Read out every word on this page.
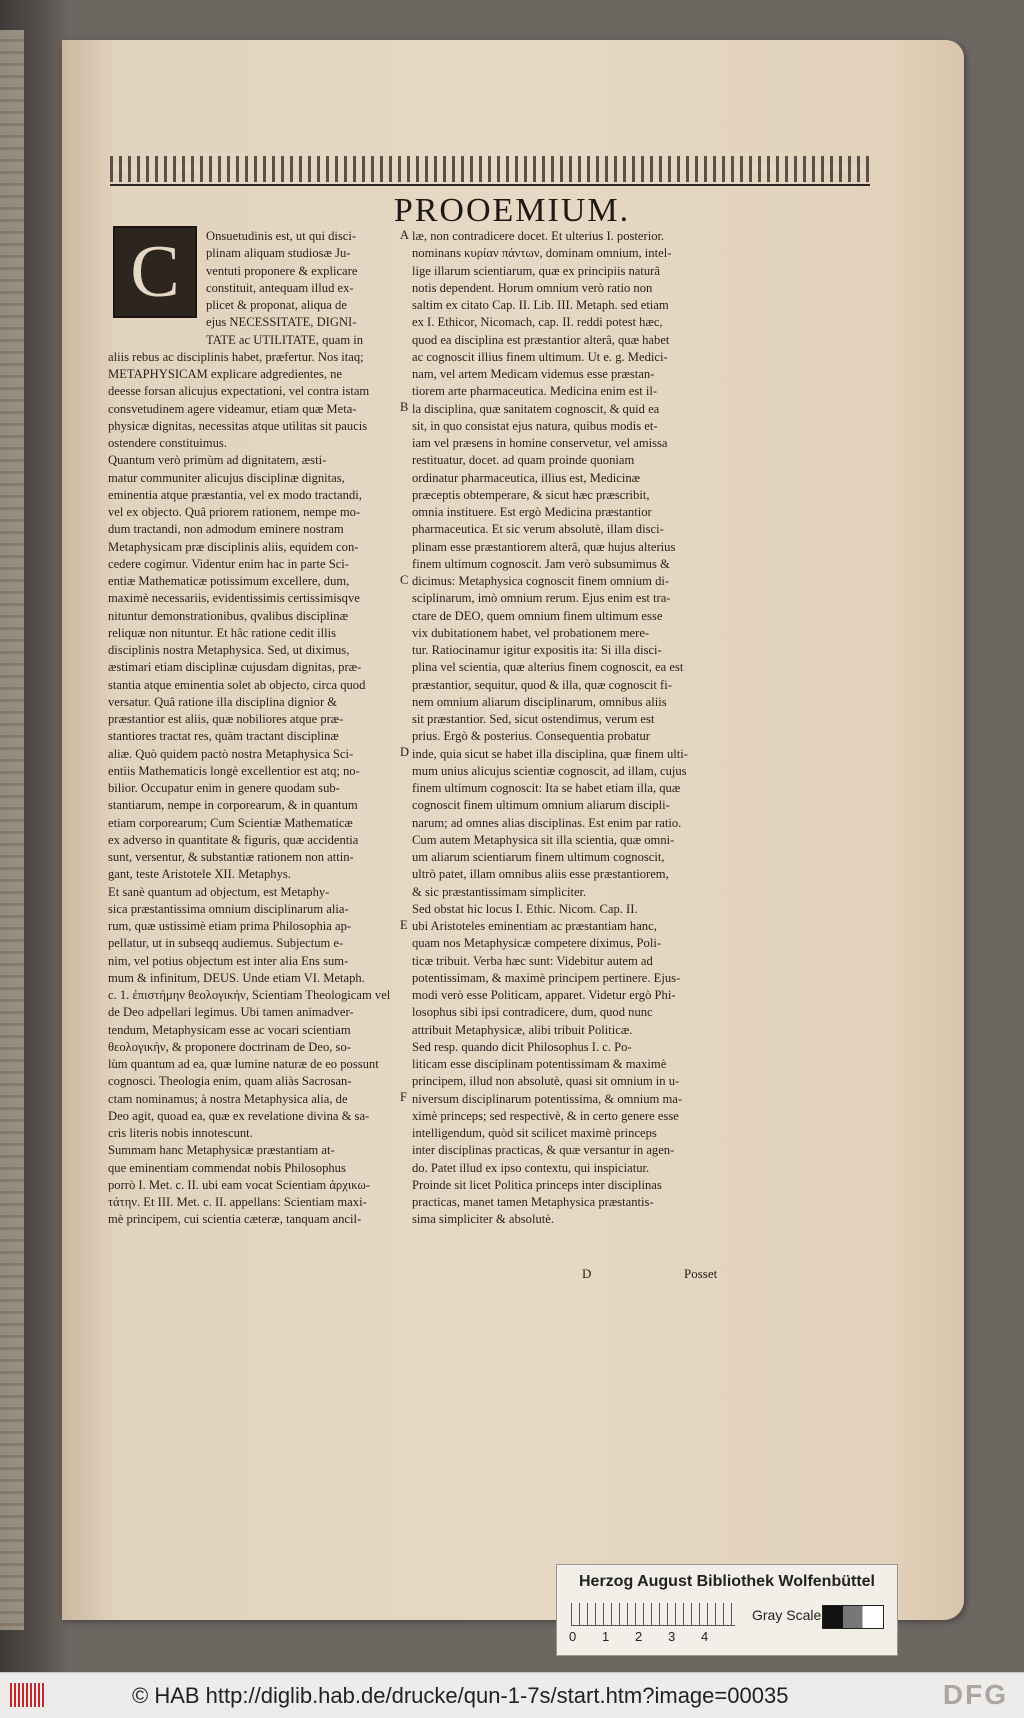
PROOEMIUM.
C	Onsuetudinis est, ut qui disci-
plinam aliquam studiosæ Ju-
ventuti proponere & explicare
constituit, antequam illud ex-
plicet & proponat, aliqua de
ejus NECESSITATE, DIGNI-
TATE ac UTILITATE, quam in
aliis rebus ac disciplinis habet, præfertur. Nos itaq;
METAPHYSICAM explicare adgredientes, ne
deesse forsan alicujus expectationi, vel contra istam
consvetudinem agere videamur, etiam quæ Meta-
physicæ dignitas, necessitas atque utilitas sit paucis
ostendere constituimus.
Quantum verò primùm ad dignitatem, æsti-
matur communiter alicujus disciplinæ dignitas,
eminentia atque præstantia, vel ex modo tractandi,
vel ex objecto. Quâ priorem rationem, nempe mo-
dum tractandi, non admodum eminere nostram
Metaphysicam præ disciplinis aliis, equidem con-
cedere cogimur. Videntur enim hac in parte Sci-
entiæ Mathematicæ potissimum excellere, dum,
maximè necessariis, evidentissimis certissimisqve
nituntur demonstrationibus, qvalibus disciplinæ
reliquæ non nituntur. Et hâc ratione cedit illis
disciplinis nostra Metaphysica. Sed, ut diximus,
æstimari etiam disciplinæ cujusdam dignitas, præ-
stantia atque eminentia solet ab objecto, circa quod
versatur. Quâ ratione illa disciplina dignior &
præstantior est aliis, quæ nobiliores atque præ-
stantiores tractat res, quàm tractant disciplinæ
aliæ. Quò quidem pactò nostra Metaphysica Sci-
entiis Mathematicis longè excellentior est atq; no-
bilior. Occupatur enim in genere quodam sub-
stantiarum, nempe in corporearum, & in quantum
etiam corporearum; Cum Scientiæ Mathematicæ
ex adverso in quantitate & figuris, quæ accidentia
sunt, versentur, & substantiæ rationem non attin-
gant, teste Aristotele XII. Metaphys.
Et sanè quantum ad objectum, est Metaphy-
sica præstantissima omnium disciplinarum alia-
rum, quæ ustissimè etiam prima Philosophia ap-
pellatur, ut in subseqq audiemus. Subjectum e-
nim, vel potius objectum est inter alia Ens sum-
mum & infinitum, DEUS. Unde etiam VI. Metaph.
c. 1. ἐπιστήμην θεολογικήν, Scientiam Theologicam vel
de Deo adpellari legimus. Ubi tamen animadver-
tendum, Metaphysicam esse ac vocari scientiam
θεολογικήν, & proponere doctrinam de Deo, so-
lùm quantum ad ea, quæ lumine naturæ de eo possunt
cognosci. Theologia enim, quam aliàs Sacrosan-
ctam nominamus; à nostra Metaphysica alia, de
Deo agit, quoad ea, quæ ex revelatione divina & sa-
cris literis nobis innotescunt.
Summam hanc Metaphysicæ præstantiam at-
que eminentiam commendat nobis Philosophus
porrò I. Met. c. II. ubi eam vocat Scientiam ἀρχικω-
τάτην. Et III. Met. c. II. appellans: Scientiam maxi-
mè principem, cui scientia cæteræ, tanquam ancil-
læ, non contradicere docet. Et ulterius I. posterior.
nominans κυρίαν πάντων, dominam omnium, intel-
lige illarum scientiarum, quæ ex principiis naturâ
notis dependent. Horum omnium verò ratio non
saltim ex citato Cap. II. Lib. III. Metaph. sed etiam
ex I. Ethicor, Nicomach, cap. II. reddi potest hæc,
quod ea disciplina est præstantior alterâ, quæ habet
ac cognoscit illius finem ultimum. Ut e. g. Medici-
nam, vel artem Medicam videmus esse præstan-
tiorem arte pharmaceutica. Medicina enim est il-
la disciplina, quæ sanitatem cognoscit, & quid ea
sit, in quo consistat ejus natura, quibus modis et-
iam vel præsens in homine conservetur, vel amissa
restituatur, docet. ad quam proinde quoniam
ordinatur pharmaceutica, illius est, Medicinæ
præceptis obtemperare, & sicut hæc præscribit,
omnia instituere. Est ergò Medicina præstantior
pharmaceutica. Et sic verum absolutè, illam disci-
plinam esse præstantiorem alterâ, quæ hujus alterius
finem ultimum cognoscit. Jam verò subsumimus &
dicimus: Metaphysica cognoscit finem omnium di-
sciplinarum, imò omnium rerum. Ejus enim est tra-
ctare de DEO, quem omnium finem ultimum esse
vix dubitationem habet, vel probationem mere-
tur. Ratiocinamur igitur expositis ita: Si illa disci-
plina vel scientia, quæ alterius finem cognoscit, ea est
præstantior, sequitur, quod & illa, quæ cognoscit fi-
nem omnium aliarum disciplinarum, omnibus aliis
sit præstantior. Sed, sicut ostendimus, verum est
prius. Ergò & posterius. Consequentia probatur
inde, quia sicut se habet illa disciplina, quæ finem ulti-
mum unius alicujus scientiæ cognoscit, ad illam, cujus
finem ultimum cognoscit: Ita se habet etiam illa, quæ
cognoscit finem ultimum omnium aliarum discipli-
narum; ad omnes alias disciplinas. Est enim par ratio.
Cum autem Metaphysica sit illa scientia, quæ omni-
um aliarum scientiarum finem ultimum cognoscit,
ultrò patet, illam omnibus aliis esse præstantiorem,
& sic præstantissimam simpliciter.
Sed obstat hic locus I. Ethic. Nicom. Cap. II.
ubi Aristoteles eminentiam ac præstantiam hanc,
quam nos Metaphysicæ competere diximus, Poli-
ticæ tribuit. Verba hæc sunt: Videbitur autem ad
potentissimam, & maximè principem pertinere. Ejus-
modi verò esse Politicam, apparet. Videtur ergò Phi-
losophus sibi ipsi contradicere, dum, quod nunc
attribuit Metaphysicæ, alibi tribuit Politicæ.
Sed resp. quando dicit Philosophus I. c. Po-
liticam esse disciplinam potentissimam & maximè
principem, illud non absolutè, quasi sit omnium in u-
niversum disciplinarum potentissima, & omnium ma-
ximè princeps; sed respectivè, & in certo genere esse
intelligendum, quòd sit scilicet maximè princeps
inter disciplinas practicas, & quæ versantur in agen-
do. Patet illud ex ipso contextu, qui inspiciatur.
Proinde sit licet Politica princeps inter disciplinas
practicas, manet tamen Metaphysica præstantis-
sima simpliciter & absolutè.
A
B
C
D
E
F
D	Posset
Herzog August Bibliothek Wolfenbüttel
0 1 2 3 4
Gray Scale
© HAB http://diglib.hab.de/drucke/qun-1-7s/start.htm?image=00035	DFG
